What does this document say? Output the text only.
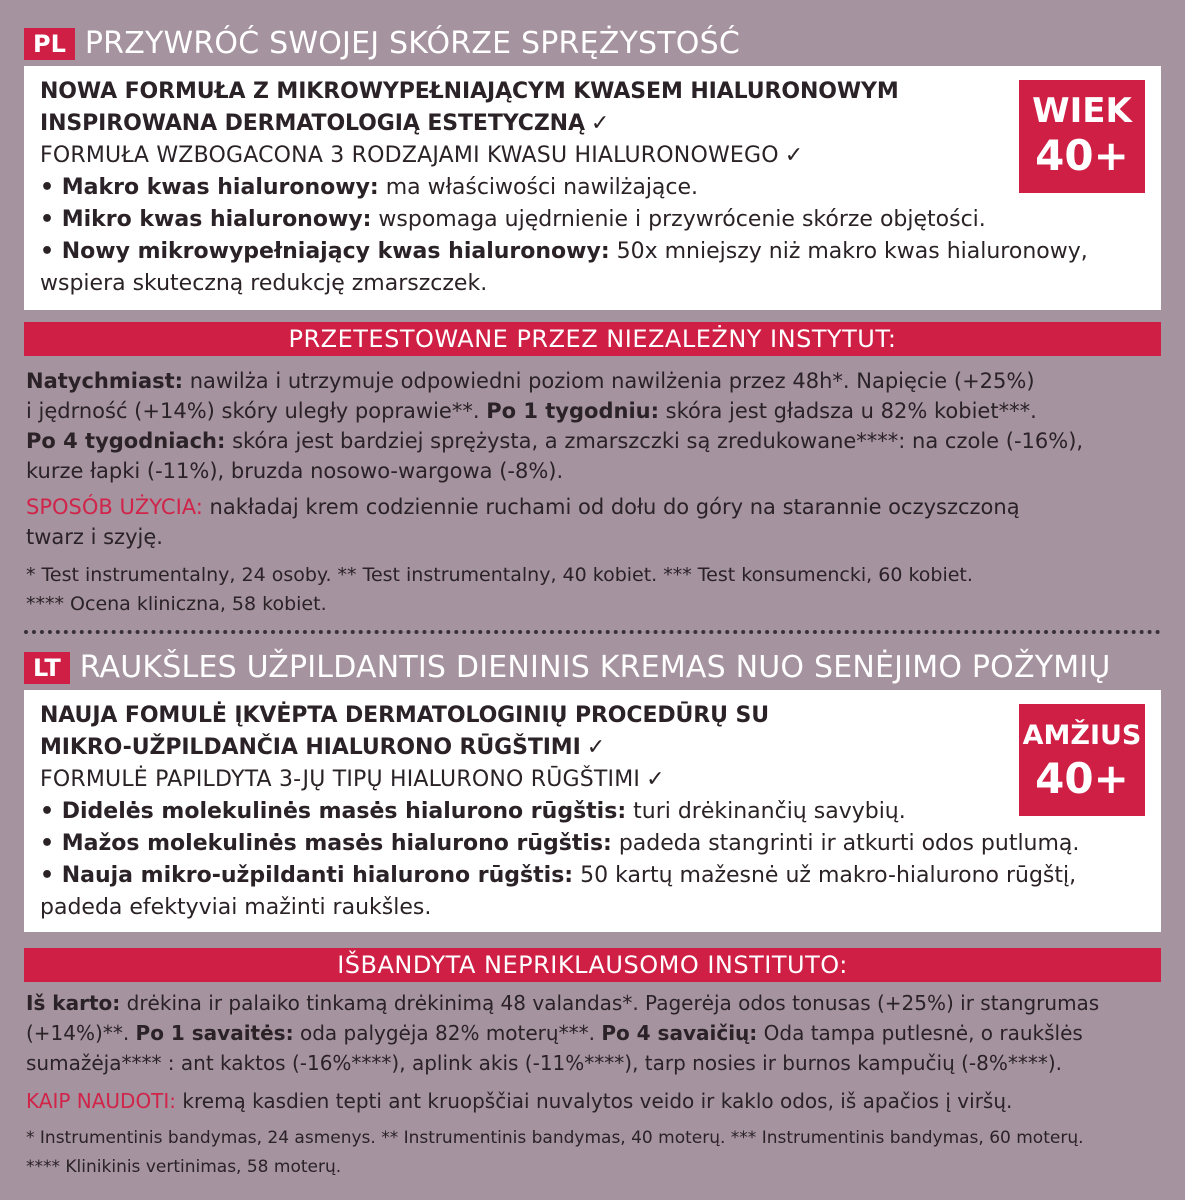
PL PRZYWRÓĆ SWOJEJ SKÓRZE SPRĘŻYSTOŚĆ
NOWA FORMUŁA Z MIKROWYPEŁNIAJĄCYM KWASEM HIALURONOWYM
INSPIROWANA DERMATOLOGIĄ ESTETYCZNĄ ✓
FORMUŁA WZBOGACONA 3 RODZAJAMI KWASU HIALURONOWEGO ✓
• Makro kwas hialuronowy: ma właściwości nawilżające.
• Mikro kwas hialuronowy: wspomaga ujędrnienie i przywrócenie skórze objętości.
• Nowy mikrowypełniający kwas hialuronowy: 50x mniejszy niż makro kwas hialuronowy,
wspiera skuteczną redukcję zmarszczek.
WIEK
40+
PRZETESTOWANE PRZEZ NIEZALEŻNY INSTYTUT:
Natychmiast: nawilża i utrzymuje odpowiedni poziom nawilżenia przez 48h*. Napięcie (+25%)
i jędrność (+14%) skóry uległy poprawie**. Po 1 tygodniu: skóra jest gładsza u 82% kobiet***.
Po 4 tygodniach: skóra jest bardziej sprężysta, a zmarszczki są zredukowane****: na czole (-16%),
kurze łapki (-11%), bruzda nosowo-wargowa (-8%).
SPOSÓB UŻYCIA: nakładaj krem codziennie ruchami od dołu do góry na starannie oczyszczoną
twarz i szyję.
* Test instrumentalny, 24 osoby. ** Test instrumentalny, 40 kobiet. *** Test konsumencki, 60 kobiet.
**** Ocena kliniczna, 58 kobiet.
LT RAUKŠLES UŽPILDANTIS DIENINIS KREMAS NUO SENĖJIMO POŽYMIŲ
NAUJA FOMULĖ ĮKVĖPTA DERMATOLOGINIŲ PROCEDŪRŲ SU
MIKRO-UŽPILDANČIA HIALURONO RŪGŠTIMI ✓
FORMULĖ PAPILDYTA 3-JŲ TIPŲ HIALURONO RŪGŠTIMI ✓
• Didelės molekulinės masės hialurono rūgštis: turi drėkinančių savybių.
• Mažos molekulinės masės hialurono rūgštis: padeda stangrinti ir atkurti odos putlumą.
• Nauja mikro-užpildanti hialurono rūgštis: 50 kartų mažesnė už makro-hialurono rūgštį,
padeda efektyviai mažinti raukšles.
AMŽIUS
40+
IŠBANDYTA NEPRIKLAUSOMO INSTITUTO:
Iš karto: drėkina ir palaiko tinkamą drėkinimą 48 valandas*. Pagerėja odos tonusas (+25%) ir stangrumas
(+14%)**. Po 1 savaitės: oda palygėja 82% moterų***. Po 4 savaičių: Oda tampa putlesnė, o raukšlės
sumažėja**** : ant kaktos (-16%****), aplink akis (-11%****), tarp nosies ir burnos kampučių (-8%****).
KAIP NAUDOTI: kremą kasdien tepti ant kruopščiai nuvalytos veido ir kaklo odos, iš apačios į viršų.
* Instrumentinis bandymas, 24 asmenys. ** Instrumentinis bandymas, 40 moterų. *** Instrumentinis bandymas, 60 moterų.
**** Klinikinis vertinimas, 58 moterų.
